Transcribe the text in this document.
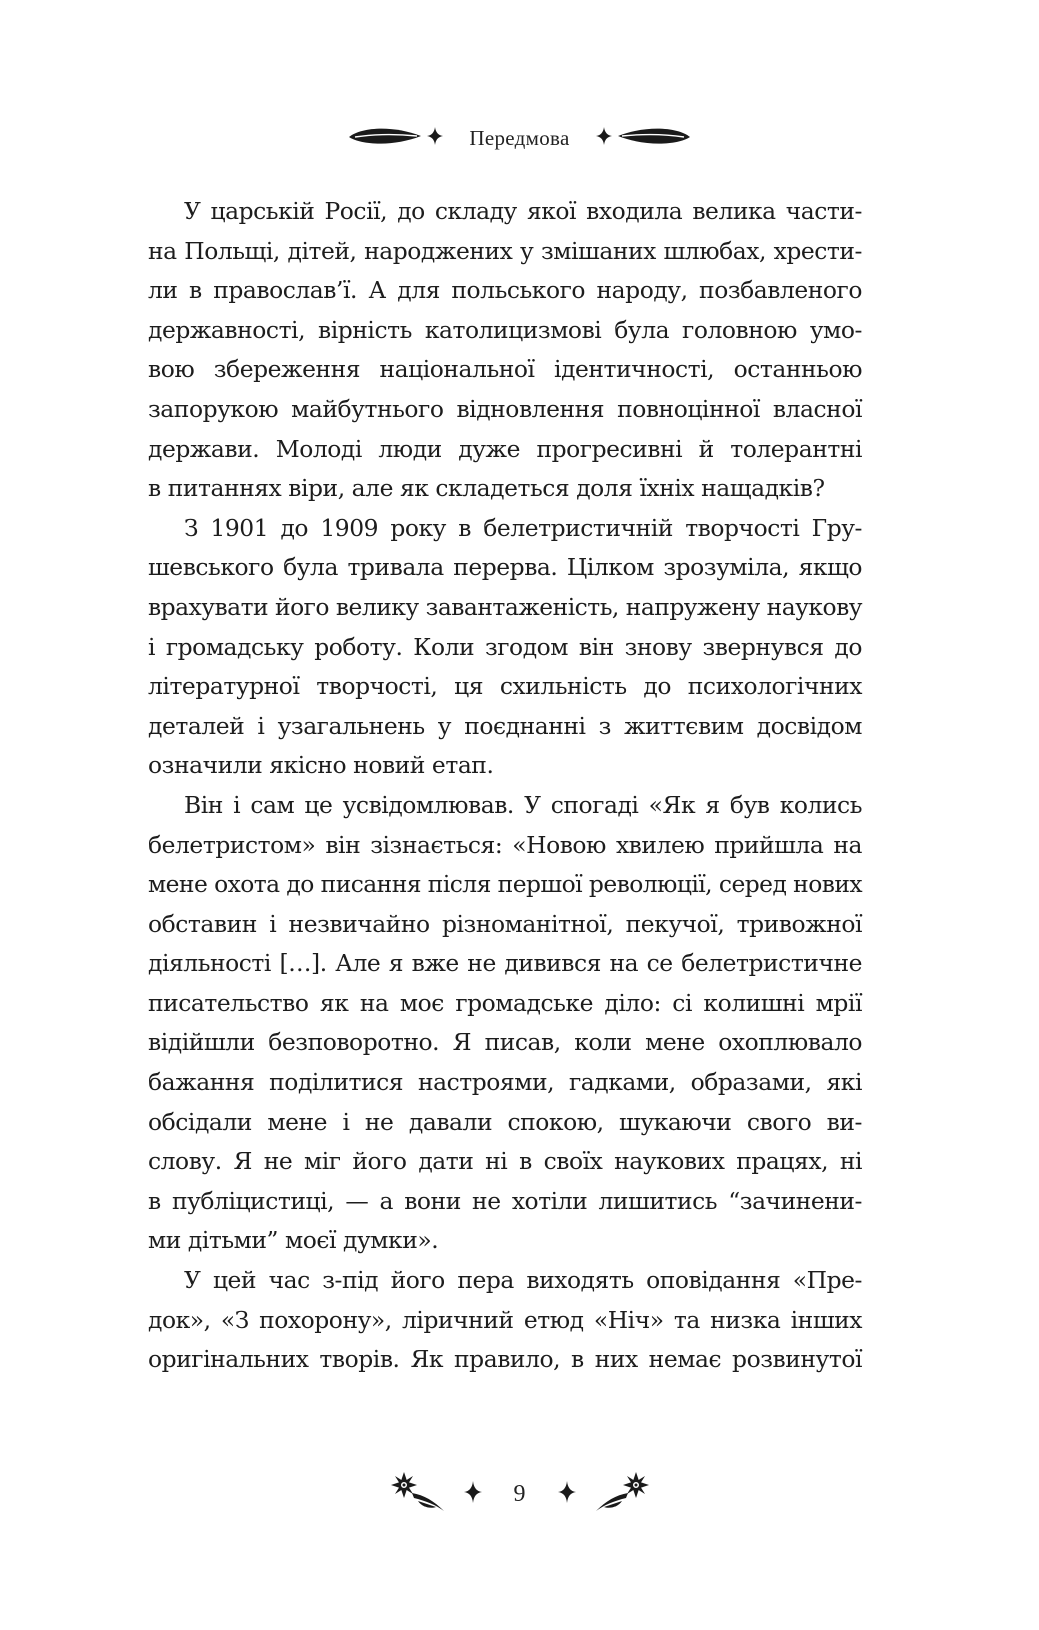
Передмова
У царській Росії, до складу якої входила велика части-
на Польщі, дітей, народжених у змішаних шлюбах, хрести-
ли в православ’ї. А для польського народу, позбавленого
державності, вірність католицизмові була головною умо-
вою збереження національної ідентичності, останньою
запорукою майбутнього відновлення повноцінної власної
держави. Молоді люди дуже прогресивні й толерантні
в питаннях віри, але як складеться доля їхніх нащадків?
З 1901 до 1909 року в белетристичній творчості Гру-
шевського була тривала перерва. Цілком зрозуміла, якщо
врахувати його велику завантаженість, напружену наукову
і громадську роботу. Коли згодом він знову звернувся до
літературної творчості, ця схильність до психологічних
деталей і узагальнень у поєднанні з життєвим досвідом
означили якісно новий етап.
Він і сам це усвідомлював. У спогаді «Як я був колись
белетристом» він зізнається: «Новою хвилею прийшла на
мене охота до писання після першої революції, серед нових
обставин і незвичайно різноманітної, пекучої, тривожної
діяльності […]. Але я вже не дивився на се белетристичне
писательство як на моє громадське діло: сі колишні мрії
відійшли безповоротно. Я писав, коли мене охоплювало
бажання поділитися настроями, гадками, образами, які
обсідали мене і не давали спокою, шукаючи свого ви-
слову. Я не міг його дати ні в своїх наукових працях, ні
в публіцистиці, — а вони не хотіли лишитись “зачинени-
ми дітьми” моєї думки».
У цей час з-під його пера виходять оповідання «Пре-
док», «З похорону», ліричний етюд «Ніч» та низка інших
оригінальних творів. Як правило, в них немає розвинутої
9
